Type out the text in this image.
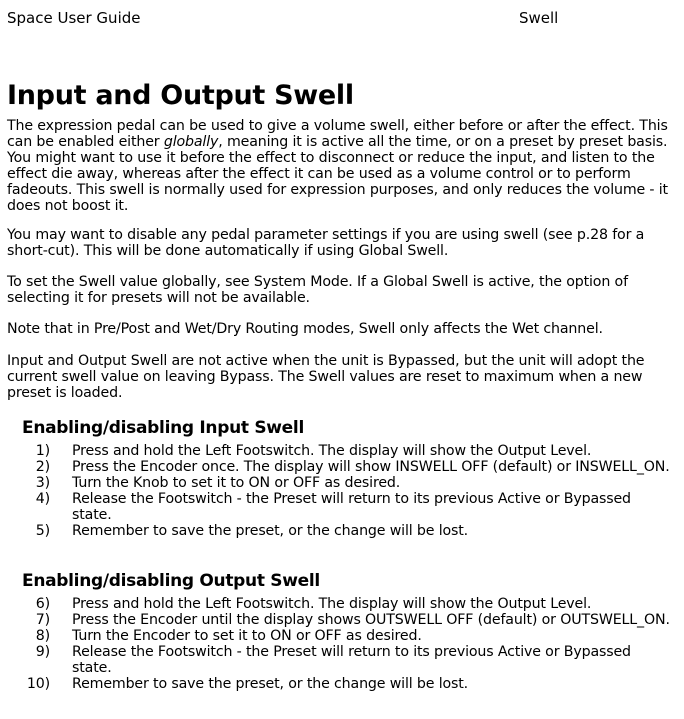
Space User Guide	Swell
Input and Output Swell

The expression pedal can be used to give a volume swell, either before or after the effect. This can be enabled either globally, meaning it is active all the time, or on a preset by preset basis. You might want to use it before the effect to disconnect or reduce the input, and listen to the effect die away, whereas after the effect it can be used as a volume control or to perform fadeouts. This swell is normally used for expression purposes, and only reduces the volume - it does not boost it.

You may want to disable any pedal parameter settings if you are using swell (see p.28 for a short-cut). This will be done automatically if using Global Swell.

To set the Swell value globally, see System Mode. If a Global Swell is active, the option of selecting it for presets will not be available.

Note that in Pre/Post and Wet/Dry Routing modes, Swell only affects the Wet channel.

Input and Output Swell are not active when the unit is Bypassed, but the unit will adopt the current swell value on leaving Bypass. The Swell values are reset to maximum when a new preset is loaded.

Enabling/disabling Input Swell
1)	Press and hold the Left Footswitch. The display will show the Output Level.
2)	Press the Encoder once. The display will show INSWELL OFF (default) or INSWELL_ON.
3)	Turn the Knob to set it to ON or OFF as desired.
4)	Release the Footswitch - the Preset will return to its previous Active or Bypassed state.
5)	Remember to save the preset, or the change will be lost.
Enabling/disabling Output Swell
6)	Press and hold the Left Footswitch. The display will show the Output Level.
7)	Press the Encoder until the display shows OUTSWELL OFF (default) or OUTSWELL_ON.
8)	Turn the Encoder to set it to ON or OFF as desired.
9)	Release the Footswitch - the Preset will return to its previous Active or Bypassed state.
10)	Remember to save the preset, or the change will be lost.
